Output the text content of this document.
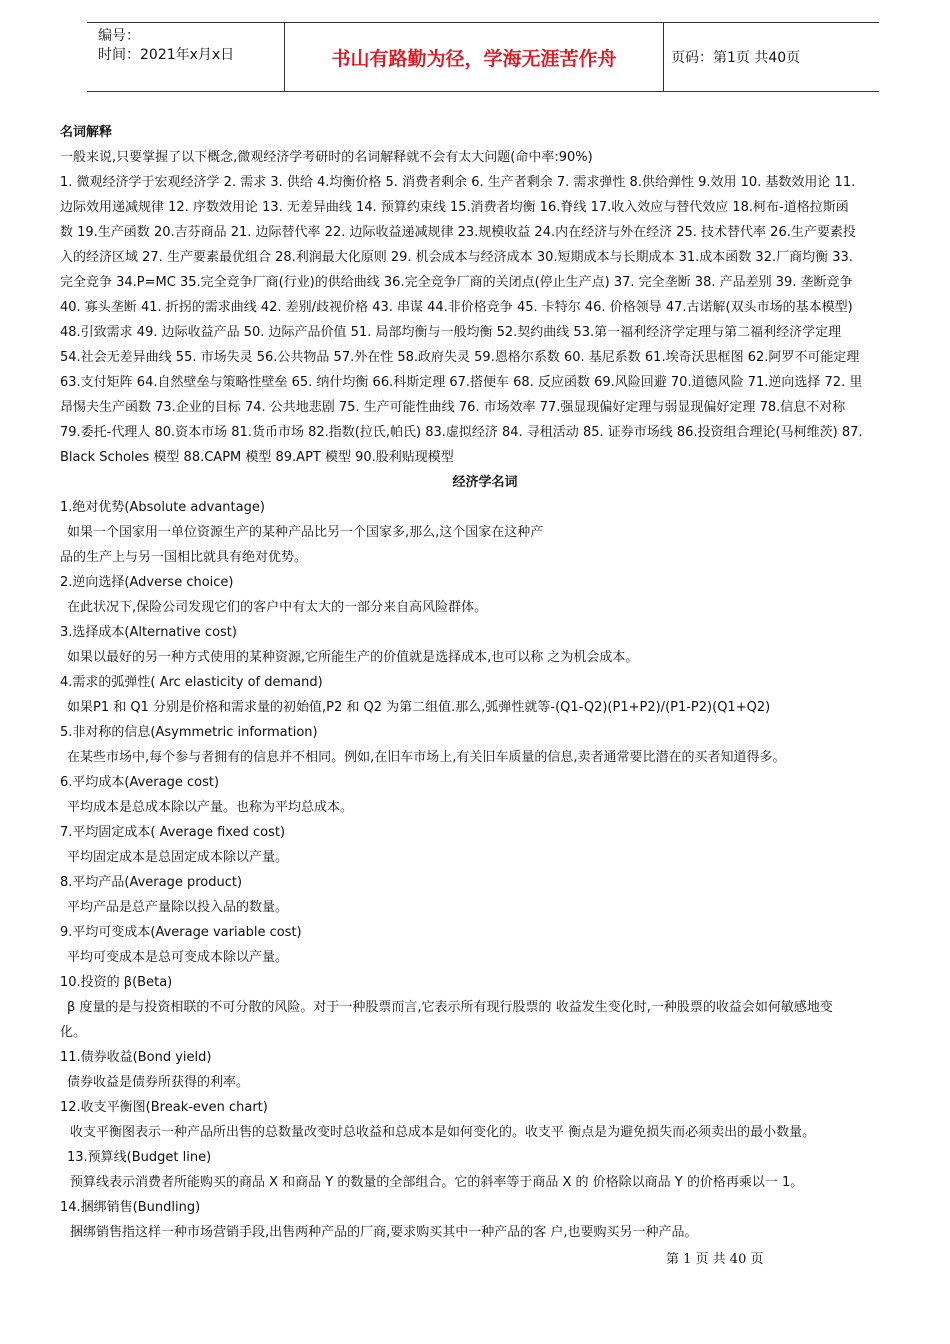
编号：
时间：2021年x月x日	书山有路勤为径，学海无涯苦作舟	页码：第1页 共40页
名词解释
一般来说,只要掌握了以下概念,微观经济学考研时的名词解释就不会有太大问题(命中率:90%)
1. 微观经济学于宏观经济学 2. 需求 3. 供给 4.均衡价格 5. 消费者剩余 6. 生产者剩余 7. 需求弹性 8.供给弹性 9.效用 10. 基数效用论 11.
边际效用递减规律 12. 序数效用论 13. 无差异曲线 14. 预算约束线 15.消费者均衡 16.脊线 17.收入效应与替代效应 18.柯布-道格拉斯函
数 19.生产函数 20.吉芬商品 21. 边际替代率 22. 边际收益递减规律 23.规模收益 24.内在经济与外在经济 25. 技术替代率 26.生产要素投
入的经济区域 27. 生产要素最优组合 28.利润最大化原则 29. 机会成本与经济成本 30.短期成本与长期成本 31.成本函数 32.厂商均衡 33.
完全竞争 34.P=MC 35.完全竞争厂商(行业)的供给曲线 36.完全竞争厂商的关闭点(停止生产点) 37. 完全垄断 38. 产品差别 39. 垄断竞争
40. 寡头垄断 41. 折拐的需求曲线 42. 差别/歧视价格 43. 串谋 44.非价格竞争 45. 卡特尔 46. 价格领导 47.古诺解(双头市场的基本模型)
48.引致需求 49. 边际收益产品 50. 边际产品价值 51. 局部均衡与一般均衡 52.契约曲线 53.第一福利经济学定理与第二福利经济学定理
54.社会无差异曲线 55. 市场失灵 56.公共物品 57.外在性 58.政府失灵 59.恩格尔系数 60. 基尼系数 61.埃奇沃思框图 62.阿罗不可能定理
63.支付矩阵 64.自然壁垒与策略性壁垒 65. 纳什均衡 66.科斯定理 67.搭便车 68. 反应函数 69.风险回避 70.道德风险 71.逆向选择 72. 里
昂惕夫生产函数 73.企业的目标 74. 公共地悲剧 75. 生产可能性曲线 76. 市场效率 77.强显现偏好定理与弱显现偏好定理 78.信息不对称
79.委托-代理人 80.资本市场 81.货币市场 82.指数(拉氏,帕氏) 83.虚拟经济 84. 寻租活动 85. 证券市场线 86.投资组合理论(马柯维茨) 87.
Black Scholes 模型 88.CAPM 模型 89.APT 模型 90.股利贴现模型
经济学名词
1.绝对优势(Absolute advantage)
如果一个国家用一单位资源生产的某种产品比另一个国家多,那么,这个国家在这种产
品的生产上与另一国相比就具有绝对优势。
2.逆向选择(Adverse choice)
在此状况下,保险公司发现它们的客户中有太大的一部分来自高风险群体。
3.选择成本(Alternative cost)
如果以最好的另一种方式使用的某种资源,它所能生产的价值就是选择成本,也可以称 之为机会成本。
4.需求的弧弹性( Arc elasticity of demand)
如果P1 和 Q1 分别是价格和需求量的初始值,P2 和 Q2 为第二组值.那么,弧弹性就等-(Q1-Q2)(P1+P2)/(P1-P2)(Q1+Q2)
5.非对称的信息(Asymmetric information)
在某些市场中,每个参与者拥有的信息并不相同。例如,在旧车市场上,有关旧车质量的信息,卖者通常要比潜在的买者知道得多。
6.平均成本(Average cost)
平均成本是总成本除以产量。也称为平均总成本。
7.平均固定成本( Average fixed cost)
平均固定成本是总固定成本除以产量。
8.平均产品(Average product)
平均产品是总产量除以投入品的数量。
9.平均可变成本(Average variable cost)
平均可变成本是总可变成本除以产量。
10.投资的 β(Beta)
β 度量的是与投资相联的不可分散的风险。对于一种股票而言,它表示所有现行股票的 收益发生变化时,一种股票的收益会如何敏感地变
化。
11.债券收益(Bond yield)
债券收益是债券所获得的利率。
12.收支平衡图(Break-even chart)
收支平衡图表示一种产品所出售的总数量改变时总收益和总成本是如何变化的。收支平 衡点是为避免损失而必须卖出的最小数量。
13.预算线(Budget line)
预算线表示消费者所能购买的商品 X 和商品 Y 的数量的全部组合。它的斜率等于商品 X 的 价格除以商品 Y 的价格再乘以一 1。
14.捆绑销售(Bundling)
捆绑销售指这样一种市场营销手段,出售两种产品的厂商,要求购买其中一种产品的客 户,也要购买另一种产品。
第 1 页 共 40 页
